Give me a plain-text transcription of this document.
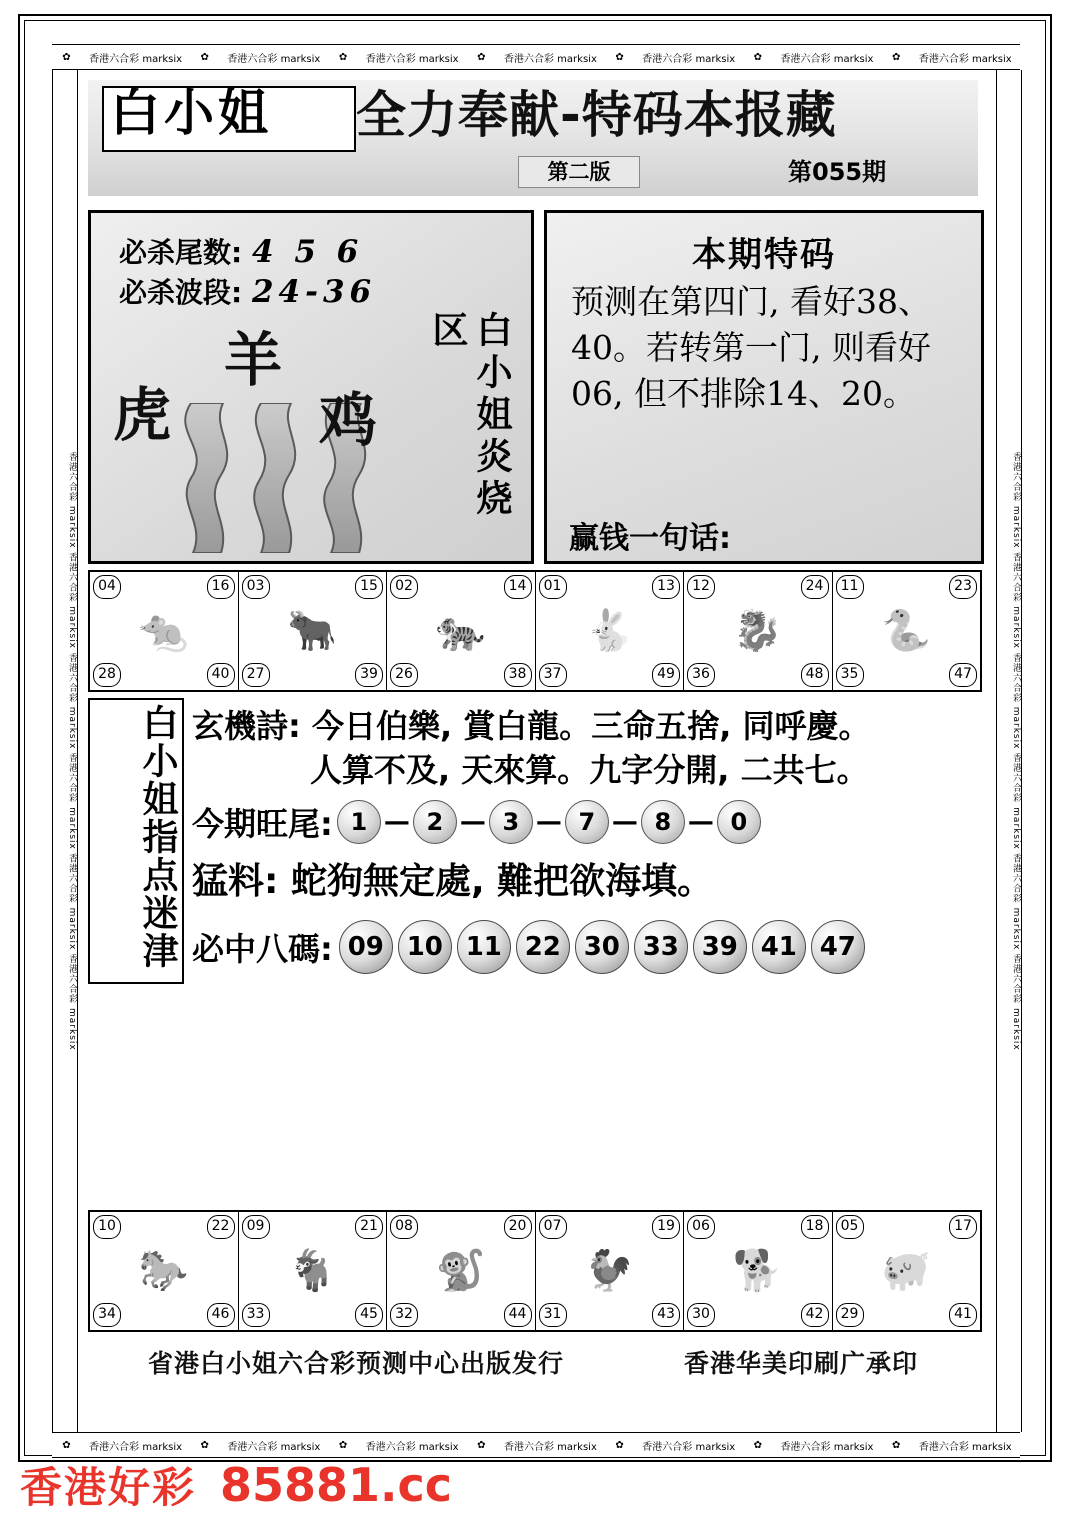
✿ 香港六合彩 marksix ✿ 香港六合彩 marksix ✿ 香港六合彩 marksix ✿ 香港六合彩 marksix ✿ 香港六合彩 marksix ✿ 香港六合彩 marksix ✿ 香港六合彩 marksix
✿ 香港六合彩 marksix ✿ 香港六合彩 marksix ✿ 香港六合彩 marksix ✿ 香港六合彩 marksix ✿ 香港六合彩 marksix ✿ 香港六合彩 marksix ✿ 香港六合彩 marksix
香港六合彩 marksix 香港六合彩 marksix 香港六合彩 marksix 香港六合彩 marksix 香港六合彩 marksix 香港六合彩 marksix	香港六合彩 marksix 香港六合彩 marksix 香港六合彩 marksix 香港六合彩 marksix 香港六合彩 marksix 香港六合彩 marksix
白小姐	全力奉献-特码本报藏
第二版	第055期
必杀尾数: 4 5 6
必杀波段: 24-36
羊
虎	鸡	白小姐炎烧区
本期特码
预测在第四门, 看好38、40。若转第一门, 则看好06, 但不排除14、20。
赢钱一句话:
04	16
28	40
🐀
03	15
27	39
🐂
02	14
26	38
🐅
01	13
37	49
🐇
12	24
36	48
🐉
11	23
35	47
🐍
白小姐指点迷津 玄機詩: 今日伯樂, 賞白龍。三命五捨, 同呼慶。
人算不及, 天來算。九字分開, 二共七。
今期旺尾: 1 — 2 — 3 — 7 — 8 — 0
猛料: 蛇狗無定處, 難把欲海填。
必中八碼: 09 10 11 22 30 33 39 41 47
10	22
34	46
🐎
09	21
33	45
🐐
08	20
32	44
🐒
07	19
31	43
🐓
06	18
30	42
🐕
05	17
29	41
🐖
省港白小姐六合彩预测中心出版发行	香港华美印刷广承印
香港好彩 85881.cc
